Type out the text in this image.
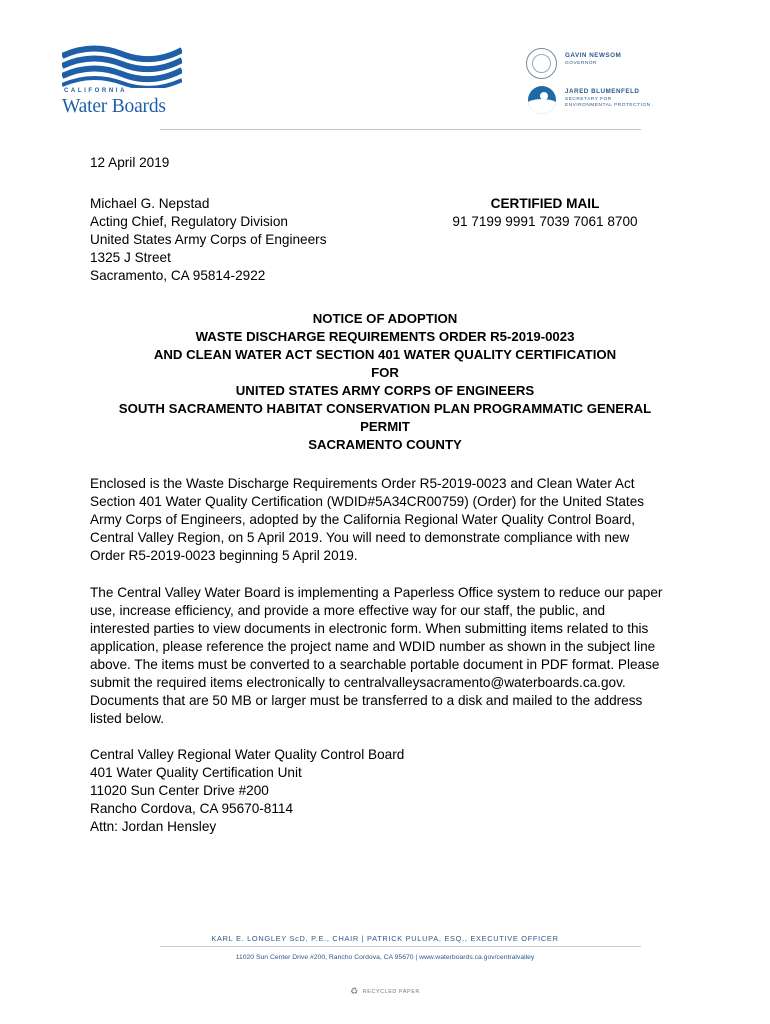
CALIFORNIA
Water Boards
GAVIN NEWSOM
GOVERNOR
JARED BLUMENFELD
SECRETARY FOR
ENVIRONMENTAL PROTECTION
12 April 2019
Michael G. Nepstad
Acting Chief, Regulatory Division
United States Army Corps of Engineers
1325 J Street
Sacramento, CA 95814-2922
CERTIFIED MAIL
91 7199 9991 7039 7061 8700
NOTICE OF ADOPTION
WASTE DISCHARGE REQUIREMENTS ORDER R5-2019-0023
AND CLEAN WATER ACT SECTION 401 WATER QUALITY CERTIFICATION
FOR
UNITED STATES ARMY CORPS OF ENGINEERS
SOUTH SACRAMENTO HABITAT CONSERVATION PLAN PROGRAMMATIC GENERAL
PERMIT
SACRAMENTO COUNTY
Enclosed is the Waste Discharge Requirements Order R5-2019-0023 and Clean Water Act
Section 401 Water Quality Certification (WDID#5A34CR00759) (Order) for the United States
Army Corps of Engineers, adopted by the California Regional Water Quality Control Board,
Central Valley Region, on 5 April 2019. You will need to demonstrate compliance with new
Order R5-2019-0023 beginning 5 April 2019.
The Central Valley Water Board is implementing a Paperless Office system to reduce our paper
use, increase efficiency, and provide a more effective way for our staff, the public, and
interested parties to view documents in electronic form. When submitting items related to this
application, please reference the project name and WDID number as shown in the subject line
above. The items must be converted to a searchable portable document in PDF format. Please
submit the required items electronically to centralvalleysacramento@waterboards.ca.gov.
Documents that are 50 MB or larger must be transferred to a disk and mailed to the address
listed below.
Central Valley Regional Water Quality Control Board
401 Water Quality Certification Unit
11020 Sun Center Drive #200
Rancho Cordova, CA 95670-8114
Attn: Jordan Hensley
KARL E. LONGLEY ScD, P.E., CHAIR | PATRICK PULUPA, ESQ., EXECUTIVE OFFICER
11020 Sun Center Drive #200, Rancho Cordova, CA 95670 | www.waterboards.ca.gov/centralvalley
♻ RECYCLED PAPER
